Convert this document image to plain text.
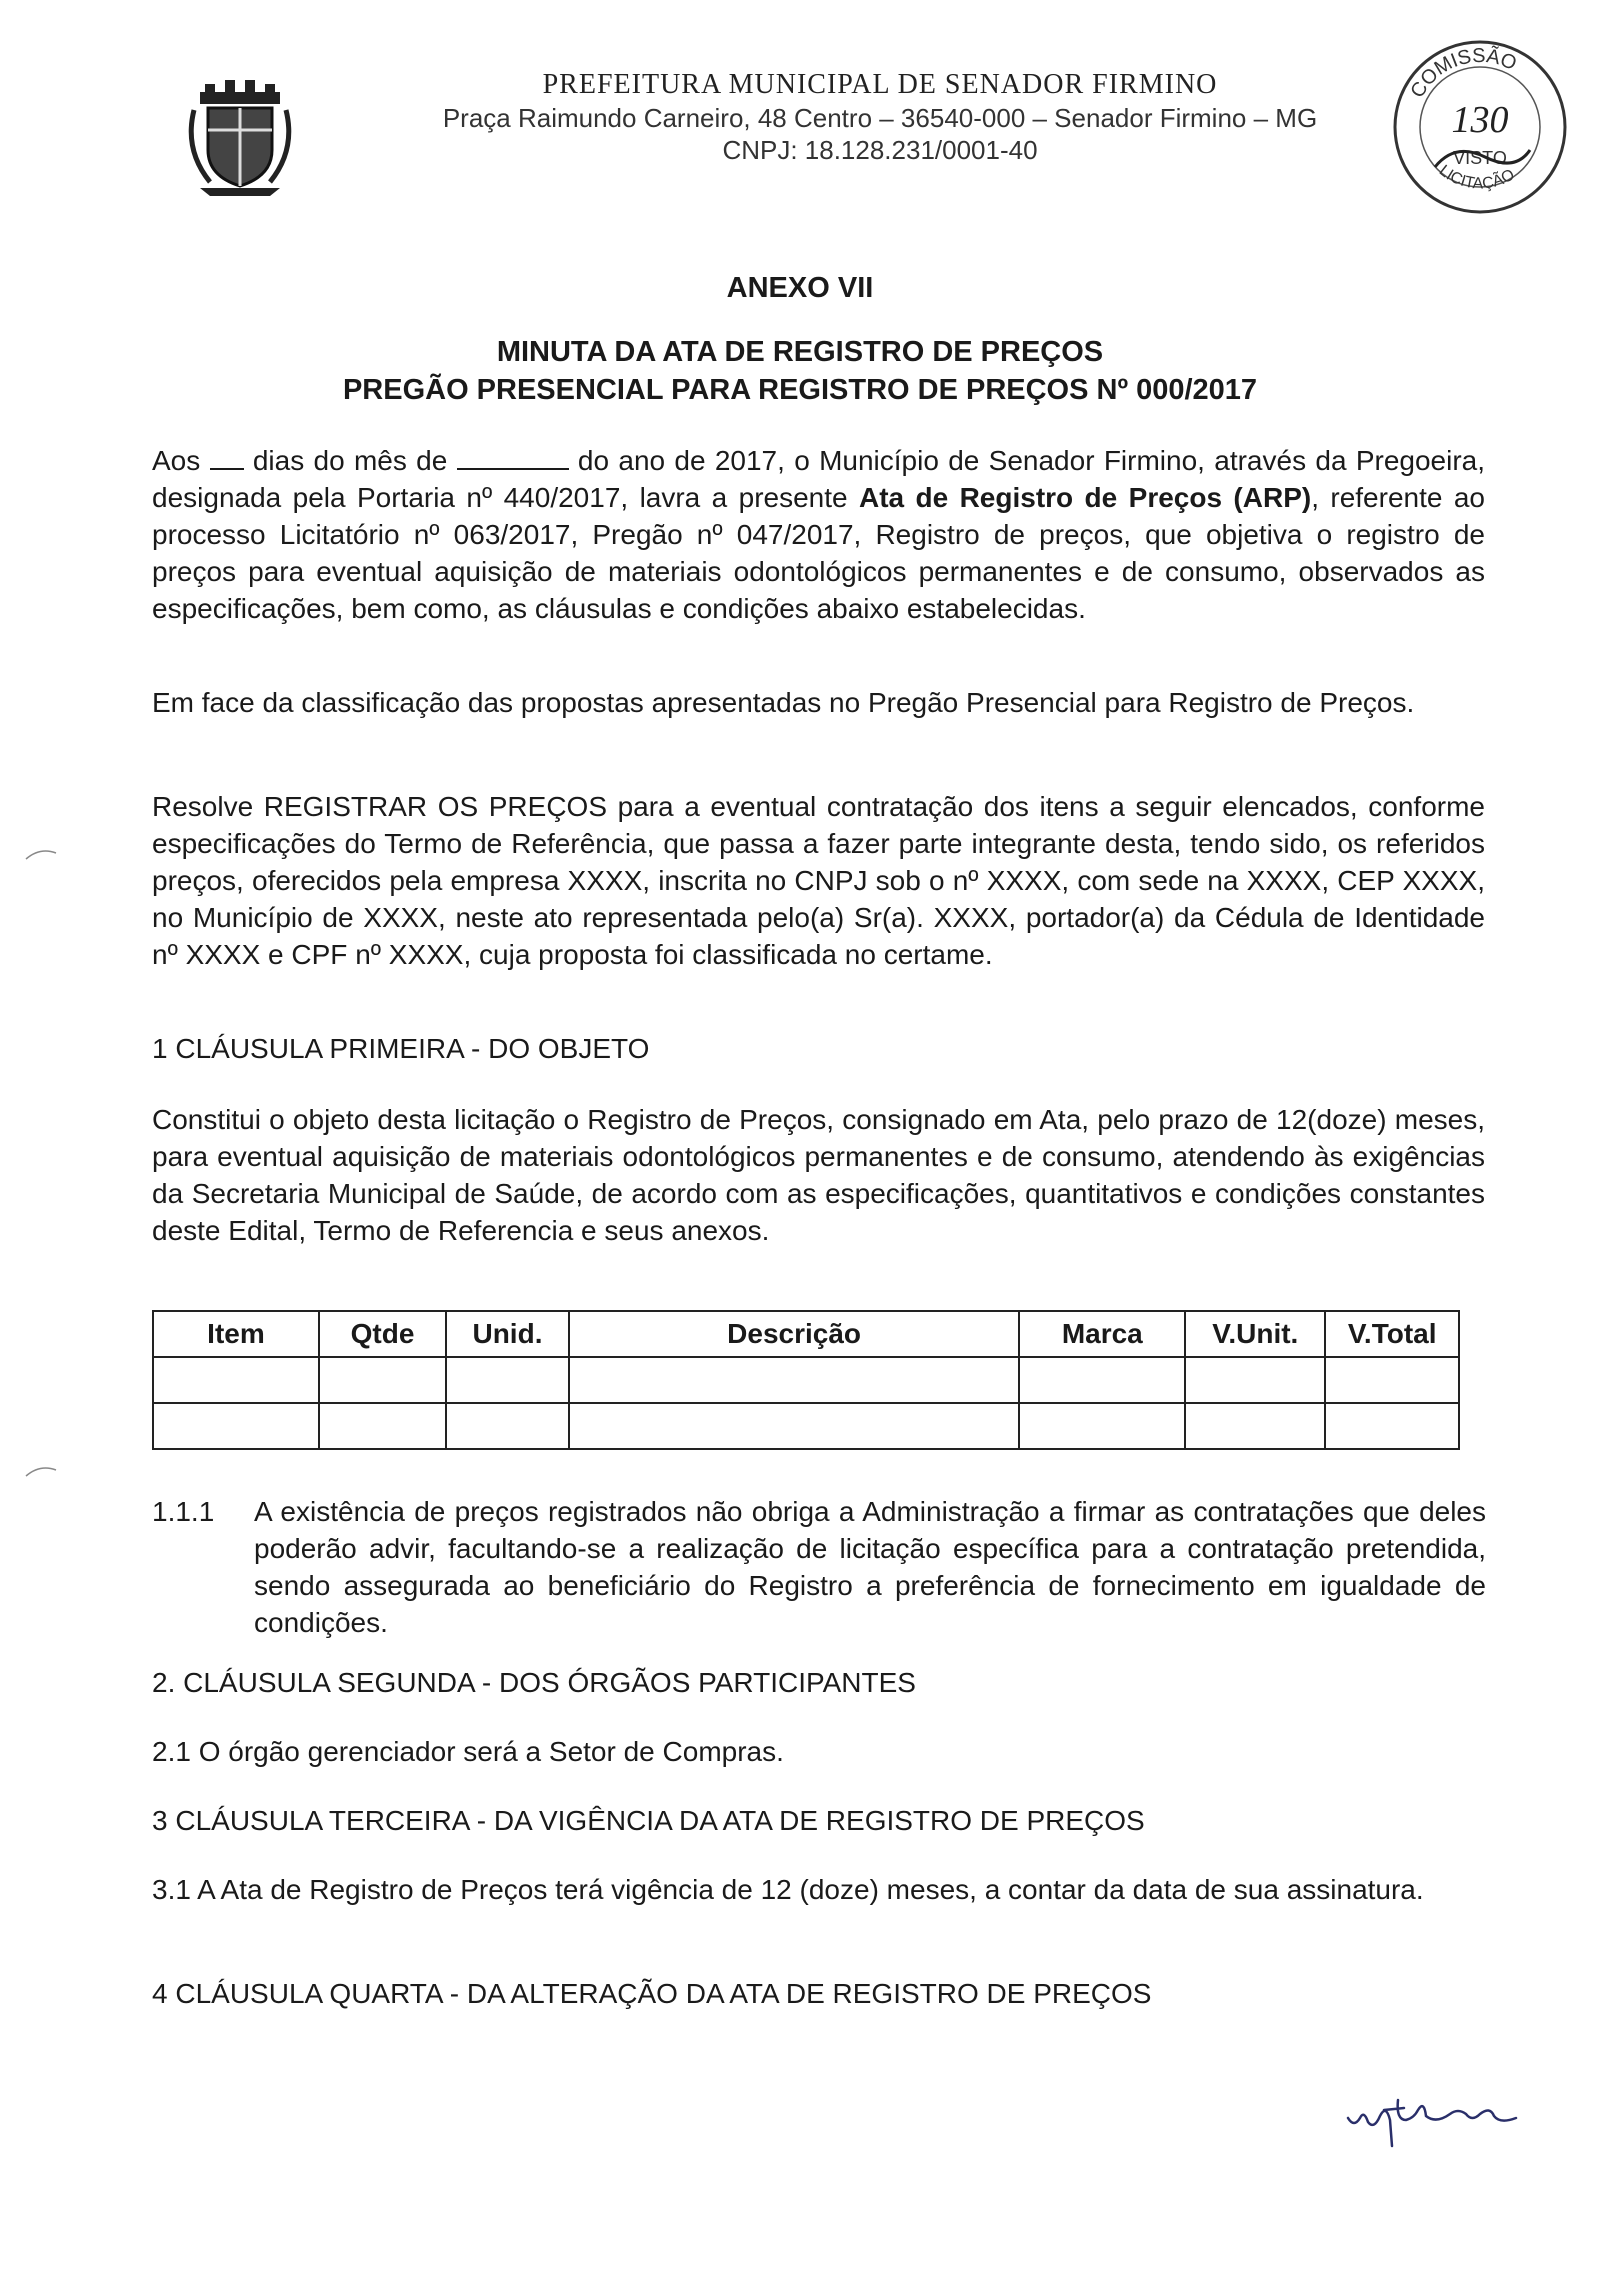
PREFEITURA MUNICIPAL DE SENADOR FIRMINO
Praça Raimundo Carneiro, 48 Centro – 36540-000 – Senador Firmino – MG
CNPJ: 18.128.231/0001-40
COMISSÃO
130
VISTO
LICITAÇÃO
ANEXO VII
MINUTA DA ATA DE REGISTRO DE PREÇOS
PREGÃO PRESENCIAL PARA REGISTRO DE PREÇOS Nº 000/2017

Aos  dias do mês de	do ano de 2017, o Município de Senador Firmino, através da Pregoeira, designada pela Portaria nº 440/2017, lavra a presente Ata de Registro de Preços (ARP), referente ao processo Licitatório nº 063/2017, Pregão nº 047/2017, Registro de preços, que objetiva o registro de preços para eventual aquisição de materiais odontológicos permanentes e de consumo, observados as especificações, bem como, as cláusulas e condições abaixo estabelecidas.

Em face da classificação das propostas apresentadas no Pregão Presencial para Registro de Preços.

Resolve REGISTRAR OS PREÇOS para a eventual contratação dos itens a seguir elencados, conforme especificações do Termo de Referência, que passa a fazer parte integrante desta, tendo sido, os referidos preços, oferecidos pela empresa XXXX, inscrita no CNPJ sob o nº XXXX, com sede na XXXX, CEP XXXX, no Município de XXXX, neste ato representada pelo(a) Sr(a). XXXX, portador(a) da Cédula de Identidade nº XXXX e CPF nº XXXX, cuja proposta foi classificada no certame.

1 CLÁUSULA PRIMEIRA - DO OBJETO

Constitui o objeto desta licitação o Registro de Preços, consignado em Ata, pelo prazo de 12(doze) meses, para eventual aquisição de materiais odontológicos permanentes e de consumo, atendendo às exigências da Secretaria Municipal de Saúde, de acordo com as especificações, quantitativos e condições constantes deste Edital, Termo de Referencia e seus anexos.

Item	Qtde	Unid.	Descrição	Marca	V.Unit.	V.Total

1.1.1 A existência de preços registrados não obriga a Administração a firmar as contratações que deles poderão advir, facultando-se a realização de licitação específica para a contratação pretendida, sendo assegurada ao beneficiário do Registro a preferência de fornecimento em igualdade de condições.

2. CLÁUSULA SEGUNDA - DOS ÓRGÃOS PARTICIPANTES
2.1 O órgão gerenciador será a Setor de Compras.
3 CLÁUSULA TERCEIRA - DA VIGÊNCIA DA ATA DE REGISTRO DE PREÇOS

3.1 A Ata de Registro de Preços terá vigência de 12 (doze) meses, a contar da data de sua assinatura.

4 CLÁUSULA QUARTA - DA ALTERAÇÃO DA ATA DE REGISTRO DE PREÇOS
